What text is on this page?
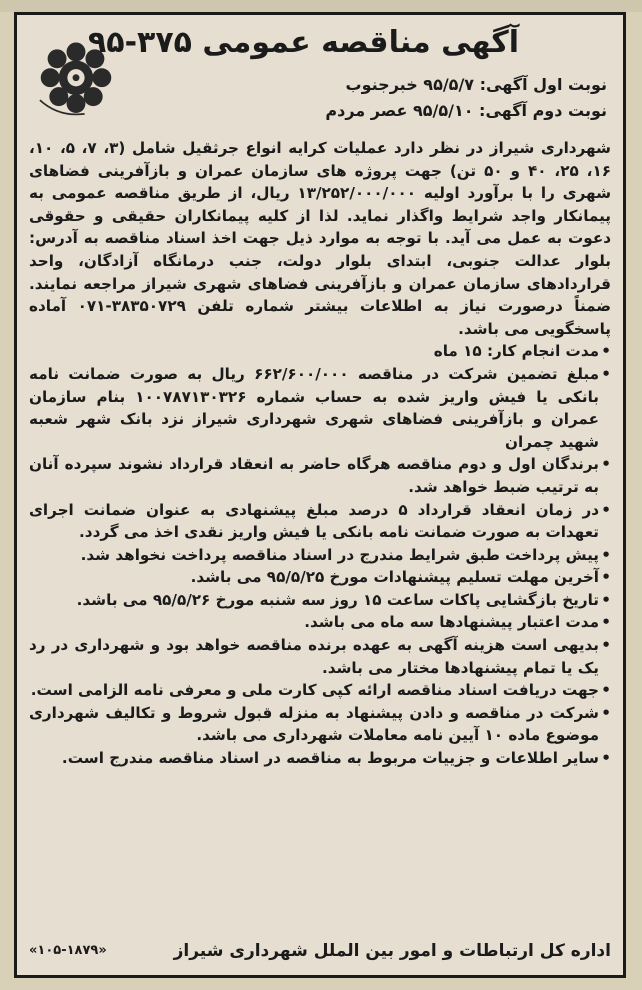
آگهی مناقصه عمومی ۳۷۵-۹۵
نوبت اول آگهی: ۹۵/۵/۷ خبرجنوب
نوبت دوم آگهی: ۹۵/۵/۱۰ عصر مردم
شهرداری شیراز در نظر دارد عملیات کرایه انواع جرثقیل شامل (۳، ۷، ۵، ۱۰، ۱۶، ۲۵، ۴۰ و ۵۰ تن) جهت پروژه های سازمان عمران و بازآفرینی فضاهای شهری را با برآورد اولیه ۱۳/۲۵۲/۰۰۰/۰۰۰ ریال، از طریق مناقصه عمومی به پیمانکار واجد شرایط واگذار نماید. لذا از کلیه پیمانکاران حقیقی و حقوقی دعوت به عمل می آید. با توجه به موارد ذیل جهت اخذ اسناد مناقصه به آدرس: بلوار عدالت جنوبی، ابتدای بلوار دولت، جنب درمانگاه آزادگان، واحد قراردادهای سازمان عمران و بازآفرینی فضاهای شهری شیراز مراجعه نمایند. ضمناً درصورت نیاز به اطلاعات بیشتر شماره تلفن ۳۸۳۵۰۷۲۹-۰۷۱ آماده پاسخگویی می باشد.
• مدت انجام کار: ۱۵ ماه
• مبلغ تضمین شرکت در مناقصه ۶۶۲/۶۰۰/۰۰۰ ریال به صورت ضمانت نامه بانکی یا فیش واریز شده به حساب شماره ۱۰۰۷۸۷۱۳۰۳۲۶ بنام سازمان عمران و بازآفرینی فضاهای شهری شهرداری شیراز نزد بانک شهر شعبه شهید چمران
• برندگان اول و دوم مناقصه هرگاه حاضر به انعقاد قرارداد نشوند سپرده آنان به ترتیب ضبط خواهد شد.
• در زمان انعقاد قرارداد ۵ درصد مبلغ پیشنهادی به عنوان ضمانت اجرای تعهدات به صورت ضمانت نامه بانکی یا فیش واریز نقدی اخذ می گردد.
• پیش پرداخت طبق شرایط مندرج در اسناد مناقصه پرداخت نخواهد شد.
• آخرین مهلت تسلیم پیشنهادات مورخ ۹۵/۵/۲۵ می باشد.
• تاریخ بازگشایی پاکات ساعت ۱۵ روز سه شنبه مورخ ۹۵/۵/۲۶ می باشد.
• مدت اعتبار پیشنهادها سه ماه می باشد.
• بدیهی است هزینه آگهی به عهده برنده مناقصه خواهد بود و شهرداری در رد یک یا تمام پیشنهادها مختار می باشد.
• جهت دریافت اسناد مناقصه ارائه کپی کارت ملی و معرفی نامه الزامی است.
• شرکت در مناقصه و دادن پیشنهاد به منزله قبول شروط و تکالیف شهرداری موضوع ماده ۱۰ آیین نامه معاملات شهرداری می باشد.
• سایر اطلاعات و جزییات مربوط به مناقصه در اسناد مناقصه مندرج است.
اداره کل ارتباطات و امور بین الملل شهرداری شیراز
«۱۰۵-۱۸۷۹»
